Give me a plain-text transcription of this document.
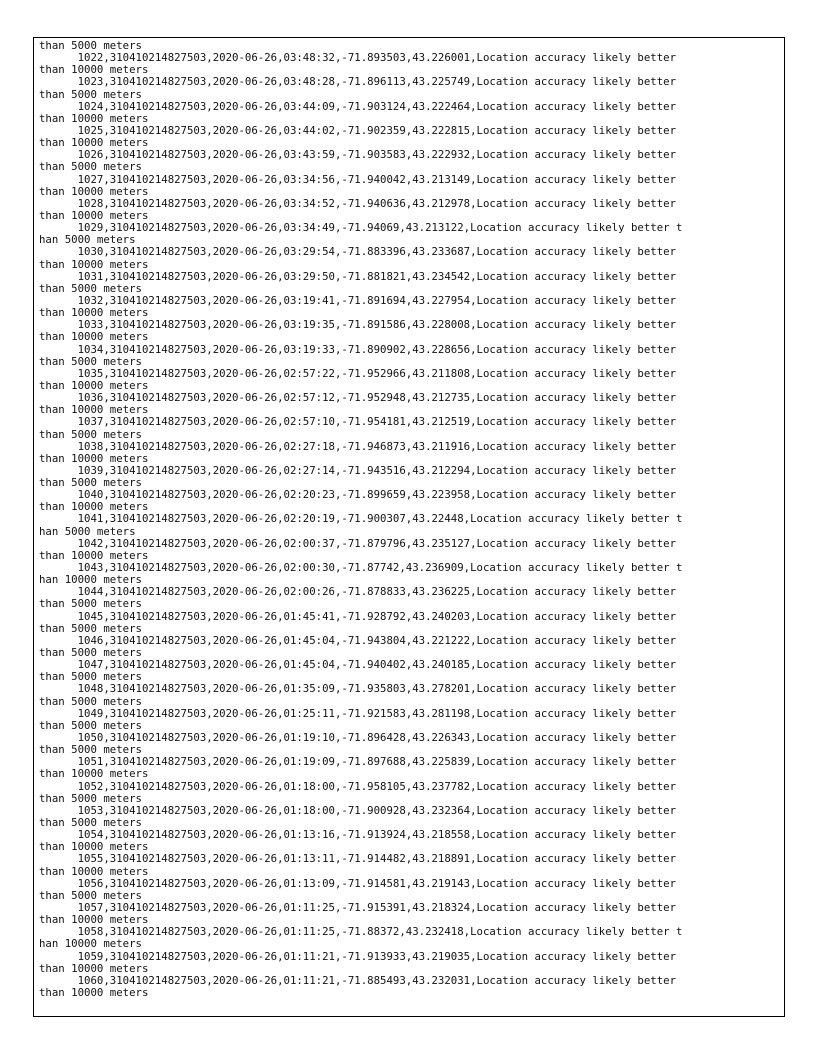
than 5000 meters
1022,310410214827503,2020-06-26,03:48:32,-71.893503,43.226001,Location accuracy likely better
than 10000 meters
1023,310410214827503,2020-06-26,03:48:28,-71.896113,43.225749,Location accuracy likely better
than 5000 meters
1024,310410214827503,2020-06-26,03:44:09,-71.903124,43.222464,Location accuracy likely better
than 10000 meters
1025,310410214827503,2020-06-26,03:44:02,-71.902359,43.222815,Location accuracy likely better
than 10000 meters
1026,310410214827503,2020-06-26,03:43:59,-71.903583,43.222932,Location accuracy likely better
than 5000 meters
1027,310410214827503,2020-06-26,03:34:56,-71.940042,43.213149,Location accuracy likely better
than 10000 meters
1028,310410214827503,2020-06-26,03:34:52,-71.940636,43.212978,Location accuracy likely better
than 10000 meters
1029,310410214827503,2020-06-26,03:34:49,-71.94069,43.213122,Location accuracy likely better t
han 5000 meters
1030,310410214827503,2020-06-26,03:29:54,-71.883396,43.233687,Location accuracy likely better
than 10000 meters
1031,310410214827503,2020-06-26,03:29:50,-71.881821,43.234542,Location accuracy likely better
than 5000 meters
1032,310410214827503,2020-06-26,03:19:41,-71.891694,43.227954,Location accuracy likely better
than 10000 meters
1033,310410214827503,2020-06-26,03:19:35,-71.891586,43.228008,Location accuracy likely better
than 10000 meters
1034,310410214827503,2020-06-26,03:19:33,-71.890902,43.228656,Location accuracy likely better
than 5000 meters
1035,310410214827503,2020-06-26,02:57:22,-71.952966,43.211808,Location accuracy likely better
than 10000 meters
1036,310410214827503,2020-06-26,02:57:12,-71.952948,43.212735,Location accuracy likely better
than 10000 meters
1037,310410214827503,2020-06-26,02:57:10,-71.954181,43.212519,Location accuracy likely better
than 5000 meters
1038,310410214827503,2020-06-26,02:27:18,-71.946873,43.211916,Location accuracy likely better
than 10000 meters
1039,310410214827503,2020-06-26,02:27:14,-71.943516,43.212294,Location accuracy likely better
than 5000 meters
1040,310410214827503,2020-06-26,02:20:23,-71.899659,43.223958,Location accuracy likely better
than 10000 meters
1041,310410214827503,2020-06-26,02:20:19,-71.900307,43.22448,Location accuracy likely better t
han 5000 meters
1042,310410214827503,2020-06-26,02:00:37,-71.879796,43.235127,Location accuracy likely better
than 10000 meters
1043,310410214827503,2020-06-26,02:00:30,-71.87742,43.236909,Location accuracy likely better t
han 10000 meters
1044,310410214827503,2020-06-26,02:00:26,-71.878833,43.236225,Location accuracy likely better
than 5000 meters
1045,310410214827503,2020-06-26,01:45:41,-71.928792,43.240203,Location accuracy likely better
than 5000 meters
1046,310410214827503,2020-06-26,01:45:04,-71.943804,43.221222,Location accuracy likely better
than 5000 meters
1047,310410214827503,2020-06-26,01:45:04,-71.940402,43.240185,Location accuracy likely better
than 5000 meters
1048,310410214827503,2020-06-26,01:35:09,-71.935803,43.278201,Location accuracy likely better
than 5000 meters
1049,310410214827503,2020-06-26,01:25:11,-71.921583,43.281198,Location accuracy likely better
than 5000 meters
1050,310410214827503,2020-06-26,01:19:10,-71.896428,43.226343,Location accuracy likely better
than 5000 meters
1051,310410214827503,2020-06-26,01:19:09,-71.897688,43.225839,Location accuracy likely better
than 10000 meters
1052,310410214827503,2020-06-26,01:18:00,-71.958105,43.237782,Location accuracy likely better
than 5000 meters
1053,310410214827503,2020-06-26,01:18:00,-71.900928,43.232364,Location accuracy likely better
than 5000 meters
1054,310410214827503,2020-06-26,01:13:16,-71.913924,43.218558,Location accuracy likely better
than 10000 meters
1055,310410214827503,2020-06-26,01:13:11,-71.914482,43.218891,Location accuracy likely better
than 10000 meters
1056,310410214827503,2020-06-26,01:13:09,-71.914581,43.219143,Location accuracy likely better
than 5000 meters
1057,310410214827503,2020-06-26,01:11:25,-71.915391,43.218324,Location accuracy likely better
than 10000 meters
1058,310410214827503,2020-06-26,01:11:25,-71.88372,43.232418,Location accuracy likely better t
han 10000 meters
1059,310410214827503,2020-06-26,01:11:21,-71.913933,43.219035,Location accuracy likely better
than 10000 meters
1060,310410214827503,2020-06-26,01:11:21,-71.885493,43.232031,Location accuracy likely better
than 10000 meters
